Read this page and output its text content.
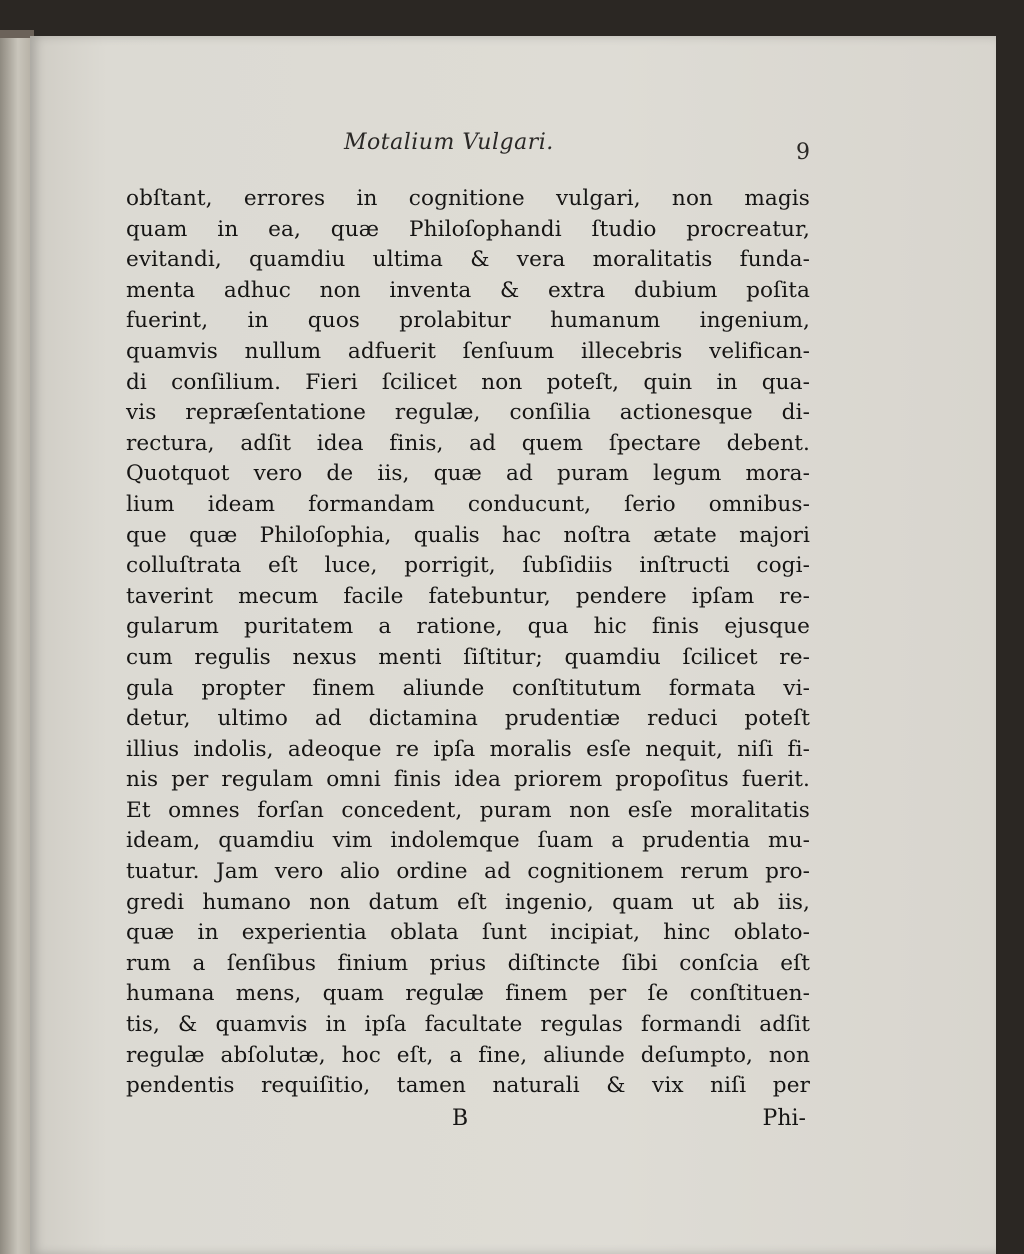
Motalium Vulgari.	9
obſtant, errores in cognitione vulgari, non magis
quam in ea, quæ Philoſophandi ſtudio procreatur,
evitandi, quamdiu ultima & vera moralitatis funda-
menta adhuc non inventa & extra dubium poſita
fuerint, in quos prolabitur humanum ingenium,
quamvis nullum adfuerit ſenſuum illecebris velifican-
di conſilium. Fieri ſcilicet non poteſt, quin in qua-
vis repræſentatione regulæ, conſilia actionesque di-
rectura, adſit idea finis, ad quem ſpectare debent.
Quotquot vero de iis, quæ ad puram legum mora-
lium ideam formandam conducunt, ſerio omnibus-
que quæ Philoſophia, qualis hac noſtra ætate majori
colluſtrata eſt luce, porrigit, ſubſidiis inſtructi cogi-
taverint mecum facile fatebuntur, pendere ipſam re-
gularum puritatem a ratione, qua hic finis ejusque
cum regulis nexus menti ſiſtitur; quamdiu ſcilicet re-
gula propter finem aliunde conſtitutum formata vi-
detur, ultimo ad dictamina prudentiæ reduci poteſt
illius indolis, adeoque re ipſa moralis esſe nequit, niſi fi-
nis per regulam omni finis idea priorem propoſitus fuerit.
Et omnes forſan concedent, puram non esſe moralitatis
ideam, quamdiu vim indolemque ſuam a prudentia mu-
tuatur. Jam vero alio ordine ad cognitionem rerum pro-
gredi humano non datum eſt ingenio, quam ut ab iis,
quæ in experientia oblata ſunt incipiat, hinc oblato-
rum a ſenſibus finium prius diſtincte ſibi conſcia eſt
humana mens, quam regulæ finem per ſe conſtituen-
tis, & quamvis in ipſa facultate regulas formandi adſit
regulæ abſolutæ, hoc eſt, a fine, aliunde deſumpto, non
pendentis requiſitio, tamen naturali & vix niſi per
B	Phi-
